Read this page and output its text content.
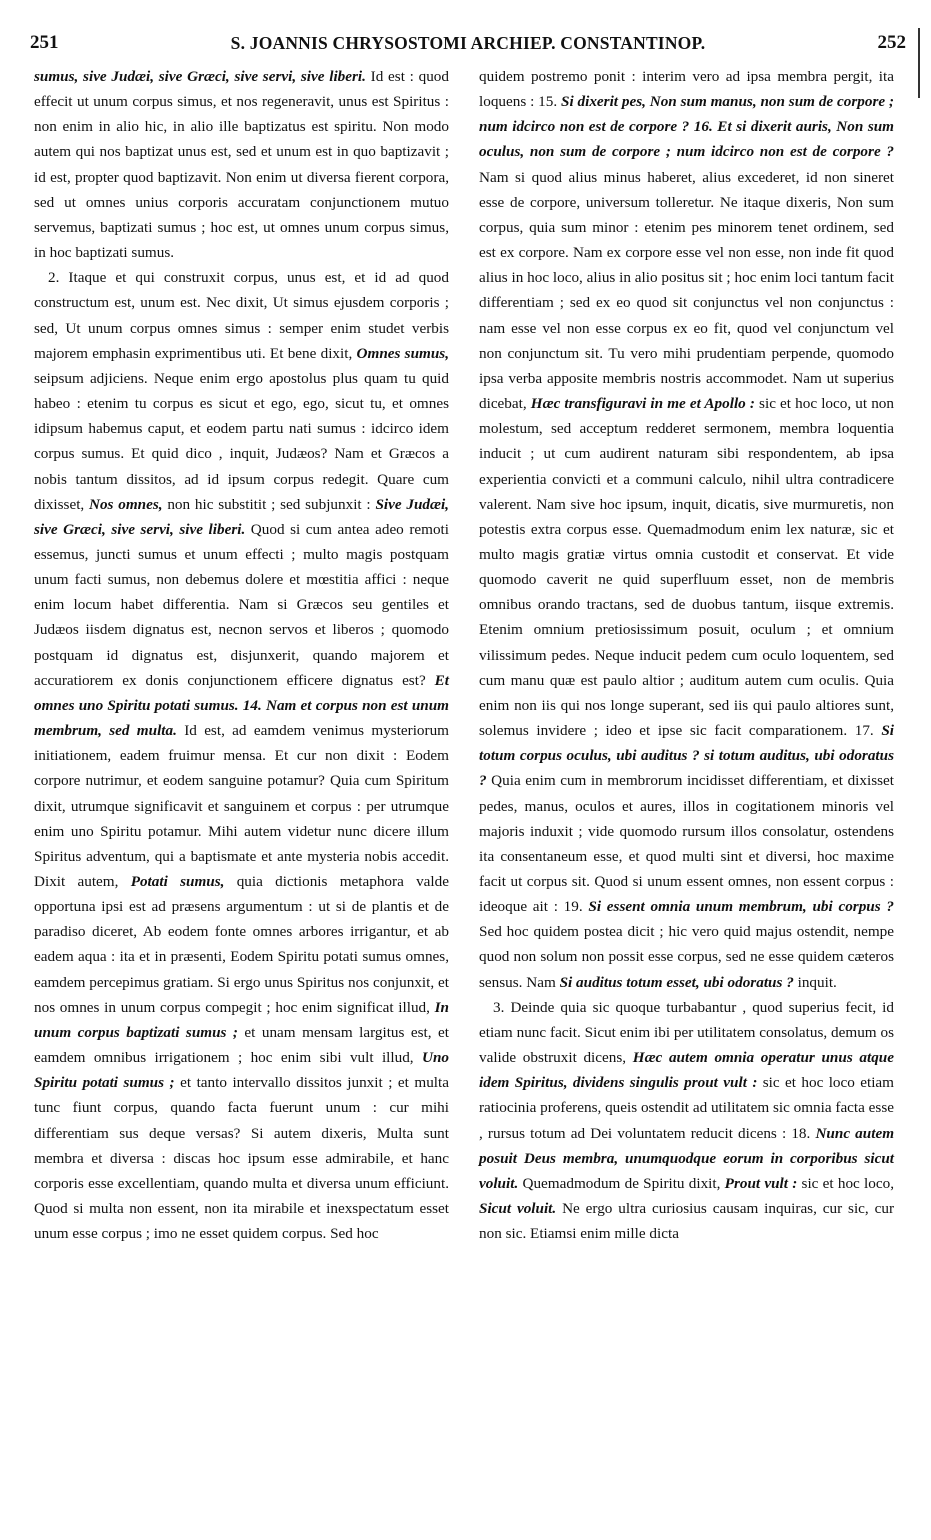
251	S. JOANNIS CHRYSOSTOMI ARCHIEP. CONSTANTINOP.	252

sumus, sive Judæi, sive Græci, sive servi, sive liberi. Id est : quod effecit ut unum corpus simus, et nos regeneravit, unus est Spiritus : non enim in alio hic, in alio ille baptizatus est spiritu. Non modo autem qui nos baptizat unus est, sed et unum est in quo baptizavit ; id est, propter quod baptizavit. Non enim ut diversa fierent corpora, sed ut omnes unius corporis accuratam conjunctionem mutuo servemus, baptizati sumus ; hoc est, ut omnes unum corpus simus, in hoc baptizati sumus.

2. Itaque et qui construxit corpus, unus est, et id ad quod constructum est, unum est. Nec dixit, Ut simus ejusdem corporis ; sed, Ut unum corpus omnes simus : semper enim studet verbis majorem emphasin exprimentibus uti. Et bene dixit, Omnes sumus, seipsum adjiciens. Neque enim ergo apostolus plus quam tu quid habeo : etenim tu corpus es sicut et ego, ego, sicut tu, et omnes idipsum habemus caput, et eodem partu nati sumus : idcirco idem corpus sumus. Et quid dico , inquit, Judæos? Nam et Græcos a nobis tantum dissitos, ad id ipsum corpus redegit. Quare cum dixisset, Nos omnes, non hic substitit ; sed subjunxit : Sive Judæi, sive Græci, sive servi, sive liberi. Quod si cum antea adeo remoti essemus, juncti sumus et unum effecti ; multo magis postquam unum facti sumus, non debemus dolere et mœstitia affici : neque enim locum habet differentia. Nam si Græcos seu gentiles et Judæos iisdem dignatus est, necnon servos et liberos ; quomodo postquam id dignatus est, disjunxerit, quando majorem et accuratiorem ex donis conjunctionem efficere dignatus est? Et omnes uno Spiritu potati sumus. 14. Nam et corpus non est unum membrum, sed multa. Id est, ad eamdem venimus mysteriorum initiationem, eadem fruimur mensa. Et cur non dixit : Eodem corpore nutrimur, et eodem sanguine potamur? Quia cum Spiritum dixit, utrumque significavit et sanguinem et corpus : per utrumque enim uno Spiritu potamur. Mihi autem videtur nunc dicere illum Spiritus adventum, qui a baptismate et ante mysteria nobis accedit. Dixit autem, Potati sumus, quia dictionis metaphora valde opportuna ipsi est ad præsens argumentum : ut si de plantis et de paradiso diceret, Ab eodem fonte omnes arbores irrigantur, et ab eadem aqua : ita et in præsenti, Eodem Spiritu potati sumus omnes, eamdem percepimus gratiam. Si ergo unus Spiritus nos conjunxit, et nos omnes in unum corpus compegit ; hoc enim significat illud, In unum corpus baptizati sumus ; et unam mensam largitus est, et eamdem omnibus irrigationem ; hoc enim sibi vult illud, Uno Spiritu potati sumus ; et tanto intervallo dissitos junxit ; et multa tunc fiunt corpus, quando facta fuerunt unum : cur mihi differentiam sus deque versas? Si autem dixeris, Multa sunt membra et diversa : discas hoc ipsum esse admirabile, et hanc corporis esse excellentiam, quando multa et diversa unum efficiunt. Quod si multa non essent, non ita mirabile et inexspectatum esset unum esse corpus ; imo ne esset quidem corpus. Sed hoc

quidem postremo ponit : interim vero ad ipsa membra pergit, ita loquens : 15. Si dixerit pes, Non sum manus, non sum de corpore ; num idcirco non est de corpore ? 16. Et si dixerit auris, Non sum oculus, non sum de corpore ; num idcirco non est de corpore ? Nam si quod alius minus haberet, alius excederet, id non sineret esse de corpore, universum tolleretur. Ne itaque dixeris, Non sum corpus, quia sum minor : etenim pes minorem tenet ordinem, sed est ex corpore. Nam ex corpore esse vel non esse, non inde fit quod alius in hoc loco, alius in alio positus sit ; hoc enim loci tantum facit differentiam ; sed ex eo quod sit conjunctus vel non conjunctus : nam esse vel non esse corpus ex eo fit, quod vel conjunctum vel non conjunctum sit. Tu vero mihi prudentiam perpende, quomodo ipsa verba apposite membris nostris accommodet. Nam ut superius dicebat, Hæc transfiguravi in me et Apollo : sic et hoc loco, ut non molestum, sed acceptum redderet sermonem, membra loquentia inducit ; ut cum audirent naturam sibi respondentem, ab ipsa experientia convicti et a communi calculo, nihil ultra contradicere valerent. Nam sive hoc ipsum, inquit, dicatis, sive murmuretis, non potestis extra corpus esse. Quemadmodum enim lex naturæ, sic et multo magis gratiæ virtus omnia custodit et conservat. Et vide quomodo caverit ne quid superfluum esset, non de membris omnibus orando tractans, sed de duobus tantum, iisque extremis. Etenim omnium pretiosissimum posuit, oculum ; et omnium vilissimum pedes. Neque inducit pedem cum oculo loquentem, sed cum manu quæ est paulo altior ; auditum autem cum oculis. Quia enim non iis qui nos longe superant, sed iis qui paulo altiores sunt, solemus invidere ; ideo et ipse sic facit comparationem. 17. Si totum corpus oculus, ubi auditus ? si totum auditus, ubi odoratus ? Quia enim cum in membrorum incidisset differentiam, et dixisset pedes, manus, oculos et aures, illos in cogitationem minoris vel majoris induxit ; vide quomodo rursum illos consolatur, ostendens ita consentaneum esse, et quod multi sint et diversi, hoc maxime facit ut corpus sit. Quod si unum essent omnes, non essent corpus : ideoque ait : 19. Si essent omnia unum membrum, ubi corpus ? Sed hoc quidem postea dicit ; hic vero quid majus ostendit, nempe quod non solum non possit esse corpus, sed ne esse quidem cæteros sensus. Nam Si auditus totum esset, ubi odoratus ? inquit.

3. Deinde quia sic quoque turbabantur , quod superius fecit, id etiam nunc facit. Sicut enim ibi per utilitatem consolatus, demum os valide obstruxit dicens, Hæc autem omnia operatur unus atque idem Spiritus, dividens singulis prout vult : sic et hoc loco etiam ratiocinia proferens, queis ostendit ad utilitatem sic omnia facta esse , rursus totum ad Dei voluntatem reducit dicens : 18. Nunc autem posuit Deus membra, unumquodque eorum in corporibus sicut voluit. Quemadmodum de Spiritu dixit, Prout vult : sic et hoc loco, Sicut voluit. Ne ergo ultra curiosius causam inquiras, cur sic, cur non sic. Etiamsi enim mille dicta
